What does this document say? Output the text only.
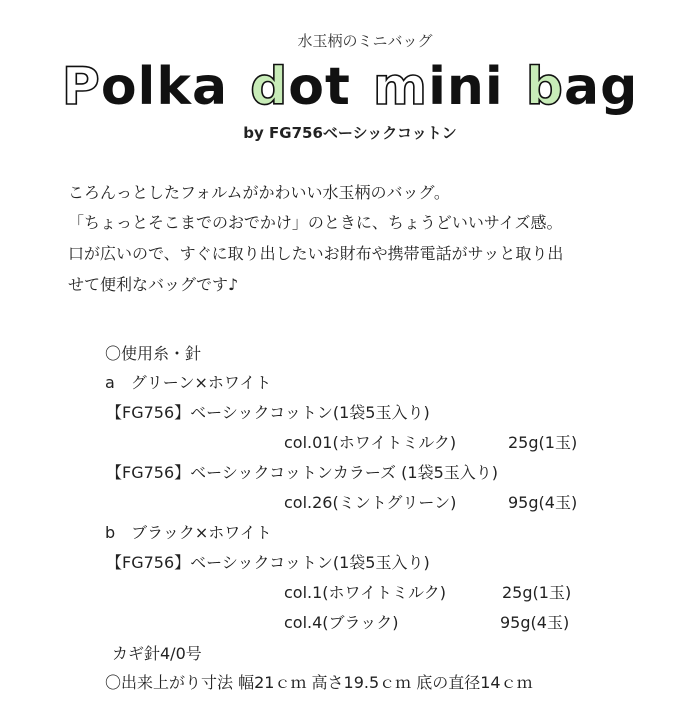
水玉柄のミニバッグ
Polka dot mini bag
by FG756ベーシックコットン
ころんっとしたフォルムがかわいい水玉柄のバッグ。
「ちょっとそこまでのおでかけ」のときに、ちょうどいいサイズ感。
口が広いので、すぐに取り出したいお財布や携帯電話がサッと取り出
せて便利なバッグです♪
〇使用糸・針
a　グリーン×ホワイト
【FG756】ベーシックコットン(1袋5玉入り)
col.01(ホワイトミルク)	25g(1玉)
【FG756】ベーシックコットンカラーズ (1袋5玉入り)
col.26(ミントグリーン)	95g(4玉)
b　ブラック×ホワイト
【FG756】ベーシックコットン(1袋5玉入り)
col.1(ホワイトミルク)	25g(1玉)
col.4(ブラック)	95g(4玉)
カギ針4/0号
〇出来上がり寸法 幅21ｃｍ 高さ19.5ｃｍ 底の直径14ｃｍ
